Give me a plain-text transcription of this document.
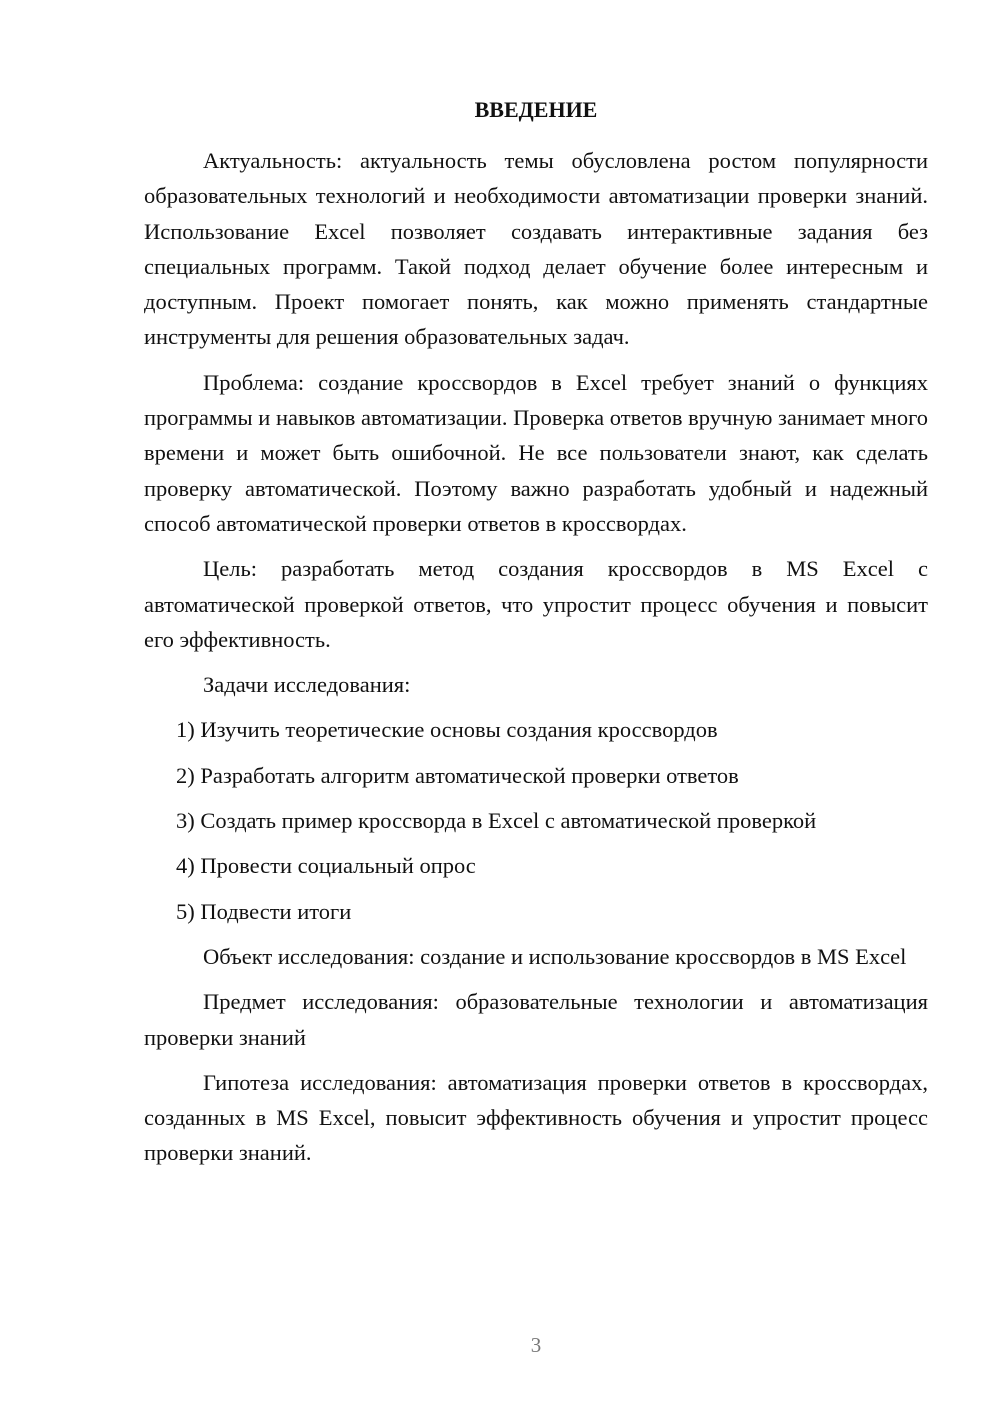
ВВЕДЕНИЕ

Актуальность: актуальность темы обусловлена ростом популярности образовательных технологий и необходимости автоматизации проверки знаний. Использование Excel позволяет создавать интерактивные задания без специальных программ. Такой подход делает обучение более интересным и доступным. Проект помогает понять, как можно применять стандартные инструменты для решения образовательных задач.

Проблема: создание кроссвордов в Excel требует знаний о функциях программы и навыков автоматизации. Проверка ответов вручную занимает много времени и может быть ошибочной. Не все пользователи знают, как сделать проверку автоматической. Поэтому важно разработать удобный и надежный способ автоматической проверки ответов в кроссвордах.

Цель: разработать метод создания кроссвордов в MS Excel с автоматической проверкой ответов, что упростит процесс обучения и повысит его эффективность.

Задачи исследования:

1) Изучить теоретические основы создания кроссвордов
2) Разработать алгоритм автоматической проверки ответов
3) Создать пример кроссворда в Excel с автоматической проверкой
4) Провести социальный опрос
5) Подвести итоги

Объект исследования: создание и использование кроссвордов в MS Excel

Предмет исследования: образовательные технологии и автоматизация проверки знаний

Гипотеза исследования: автоматизация проверки ответов в кроссвордах, созданных в MS Excel, повысит эффективность обучения и упростит процесс проверки знаний.

3
